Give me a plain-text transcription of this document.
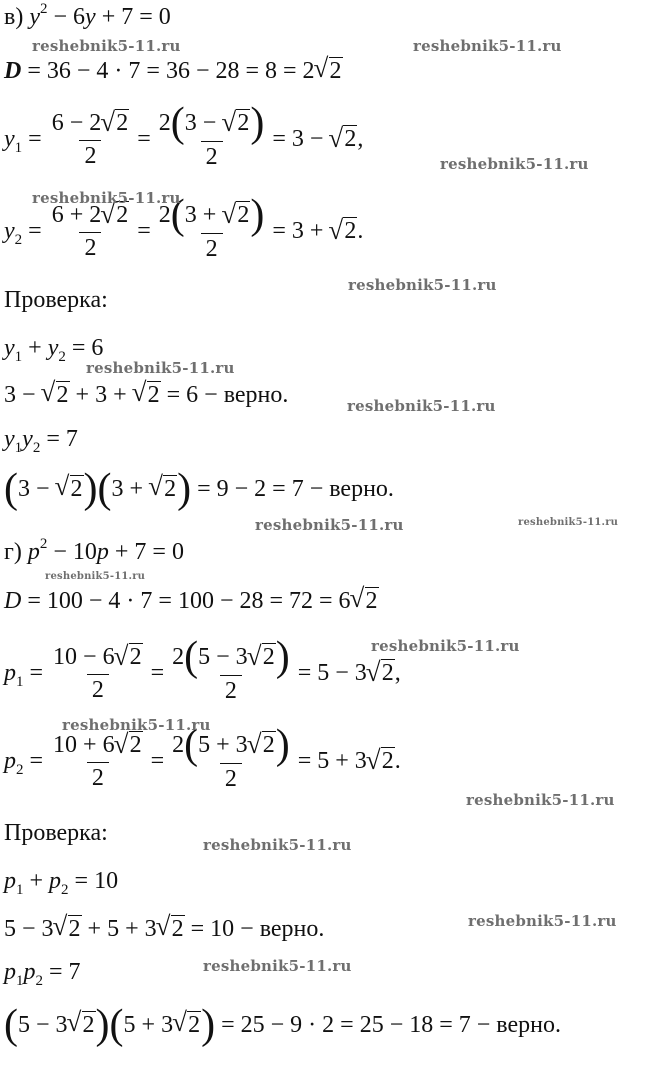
в) $y^2 - 6y + 7 = 0$
D = 36 − 4 · 7 = 36 − 28 = 8 = 2√ 2
$y_1 = \frac{6 - 2√ 2}{2} = \frac{2(3 - √ 2)}{2} = 3$ − √ 2,
$y_2 = \frac{6 + 2√ 2}{2} = \frac{2(3 + √ 2)}{2} = 3$ + √ 2.
Проверка:
$y_1 + y_2 = 6$
3 − √ 2 + 3 + √ 2 = 6 − верно.
$y_1y_2 = 7$
(3 − √ 2)(3 + √ 2) = 9 − 2 = 7 − верно.
г) $p^2 - 10p + 7 = 0$
D = 100 − 4 · 7 = 100 − 28 = 72 = 6√ 2
$p_1 = \frac{10 - 6√ 2}{2} = \frac{2(5 - 3√ 2)}{2} = 5 - 3√$ 2,
$p_2 = \frac{10 + 6√ 2}{2} = \frac{2(5 + 3√ 2)}{2} = 5 + 3√$ 2.
Проверка:
$p_1 + p_2 = 10$
5 − 3√ 2 + 5 + 3√ 2 = 10 − верно.
$p_1p_2 = 7$
(5 − 3√ 2)(5 + 3√ 2) = 25 − 9 · 2 = 25 − 18 = 7 − верно.
reshebnik5-11.ru	reshebnik5-11.ru
reshebnik5-11.ru
reshebnik5-11.ru
reshebnik5-11.ru
reshebnik5-11.ru
reshebnik5-11.ru
reshebnik5-11.ru	reshebnik5-11.ru
reshebnik5-11.ru
reshebnik5-11.ru
reshebnik5-11.ru
reshebnik5-11.ru
reshebnik5-11.ru
reshebnik5-11.ru
reshebnik5-11.ru
